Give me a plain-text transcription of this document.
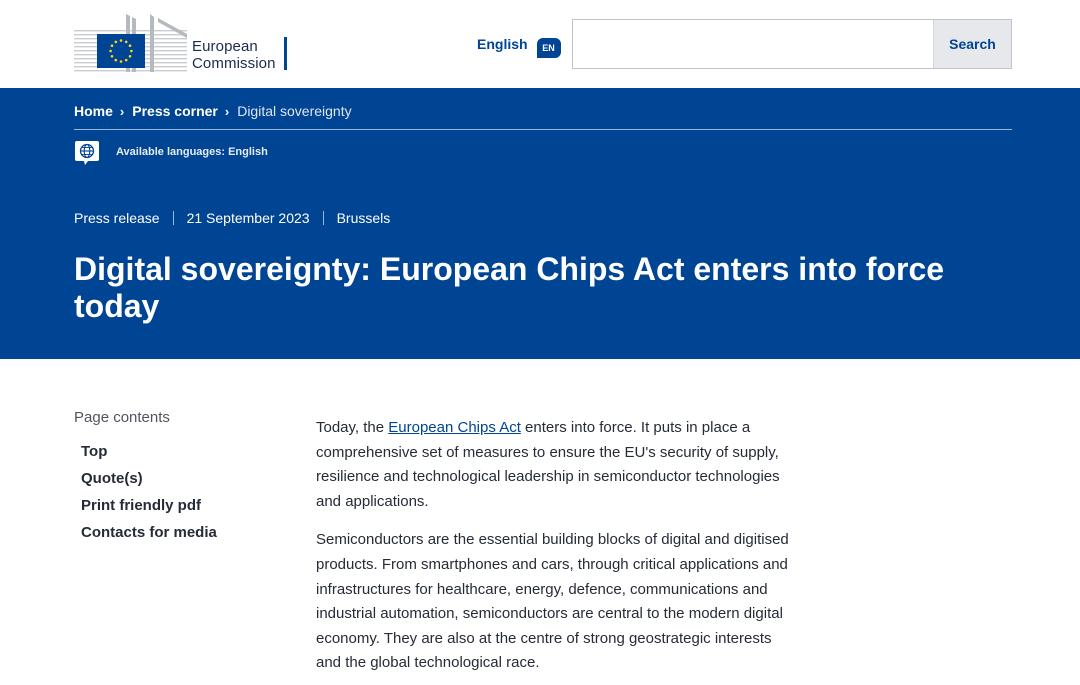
European
Commission
English	EN	Search
Home › Press corner › Digital sovereignty
Available languages: English
Press release 21 September 2023 Brussels
Digital sovereignty: European Chips Act enters into force today
Page contents
Top
Quote(s)
Print friendly pdf
Contacts for media

Today, the European Chips Act enters into force. It puts in place a comprehensive set of measures to ensure the EU's security of supply, resilience and technological leadership in semiconductor technologies and applications.

Semiconductors are the essential building blocks of digital and digitised products. From smartphones and cars, through critical applications and infrastructures for healthcare, energy, defence, communications and industrial automation, semiconductors are central to the modern digital economy. They are also at the centre of strong geostrategic interests and the global technological race.
